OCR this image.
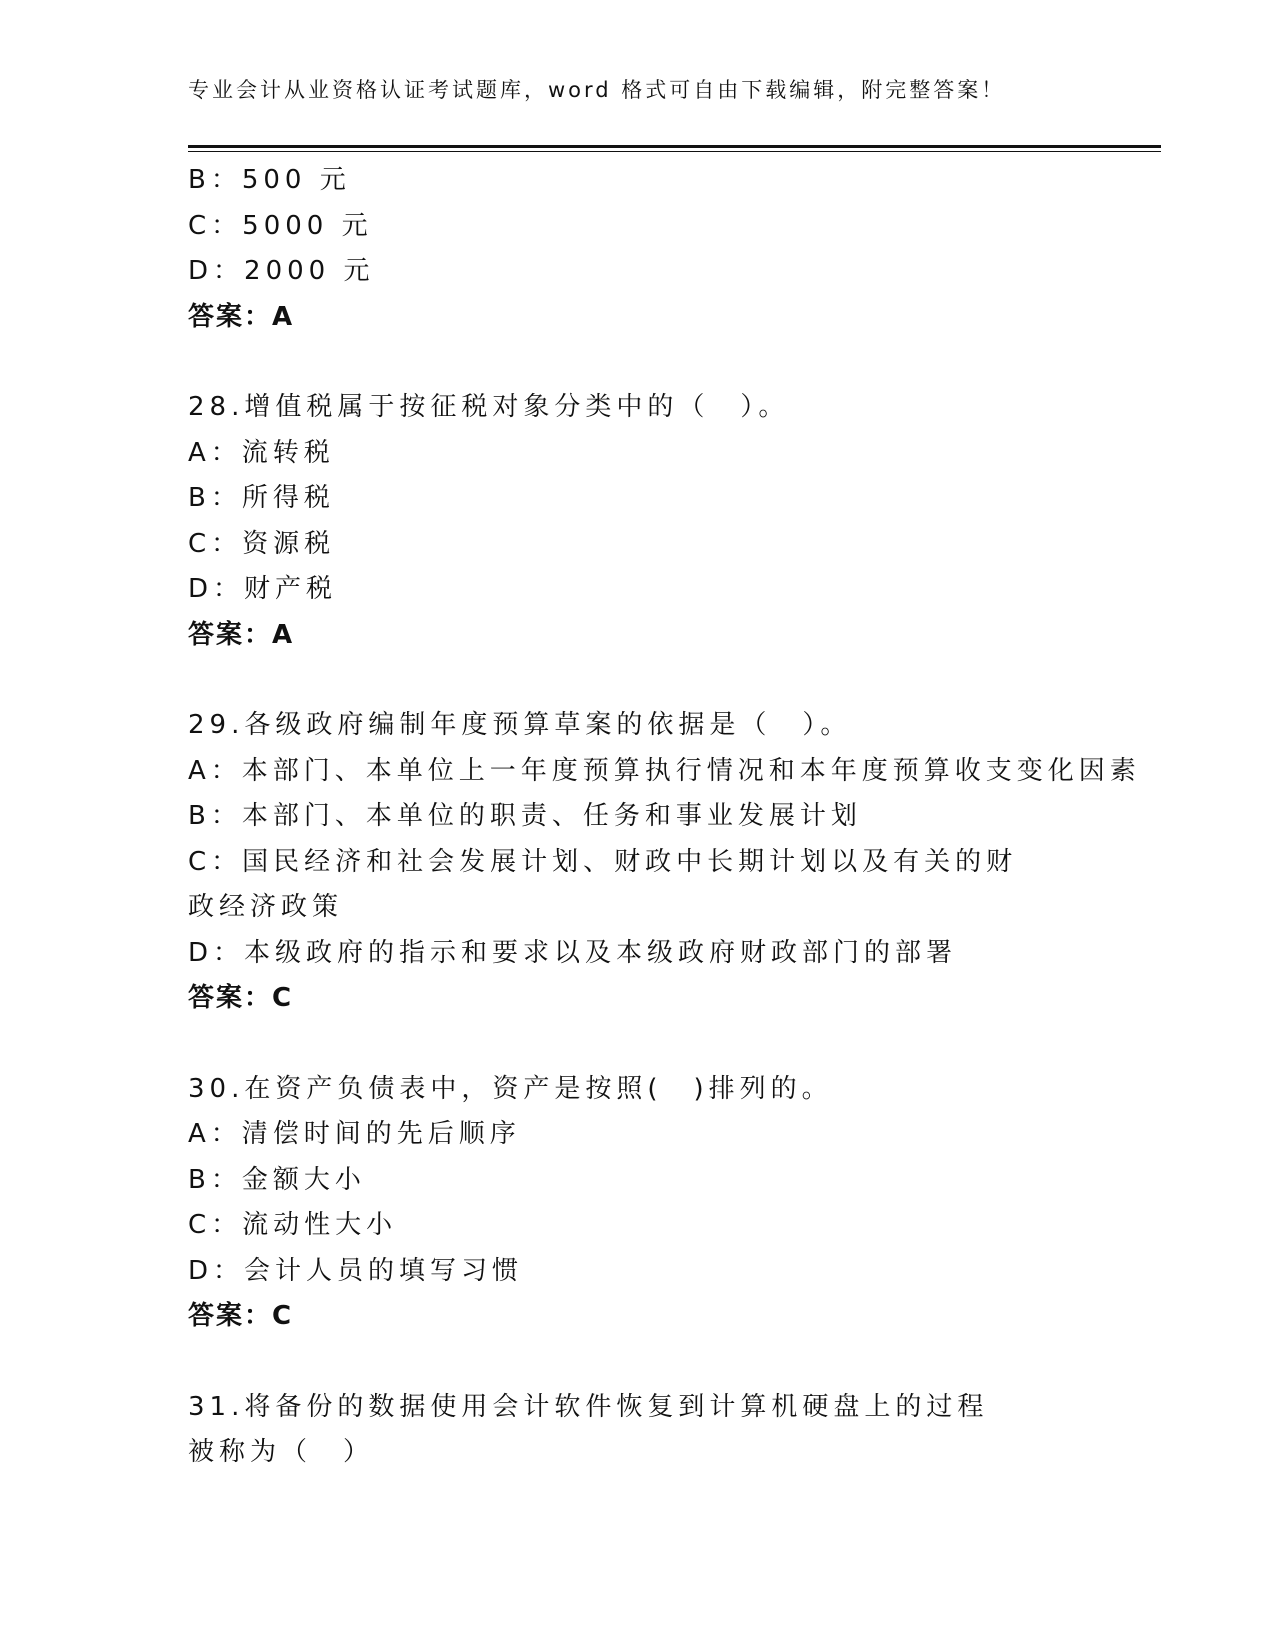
专业会计从业资格认证考试题库，word 格式可自由下载编辑，附完整答案！
B：500 元
C：5000 元
D：2000 元
答案：A
28.增值税属于按征税对象分类中的（　）。
A：流转税
B：所得税
C：资源税
D：财产税
答案：A
29.各级政府编制年度预算草案的依据是（　）。
A：本部门、本单位上一年度预算执行情况和本年度预算收支变化因素
B：本部门、本单位的职责、任务和事业发展计划
C：国民经济和社会发展计划、财政中长期计划以及有关的财政经济政策
D：本级政府的指示和要求以及本级政府财政部门的部署
答案：C
30.在资产负债表中，资产是按照(　)排列的。
A：清偿时间的先后顺序
B：金额大小
C：流动性大小
D：会计人员的填写习惯
答案：C
31.将备份的数据使用会计软件恢复到计算机硬盘上的过程被称为（　）
